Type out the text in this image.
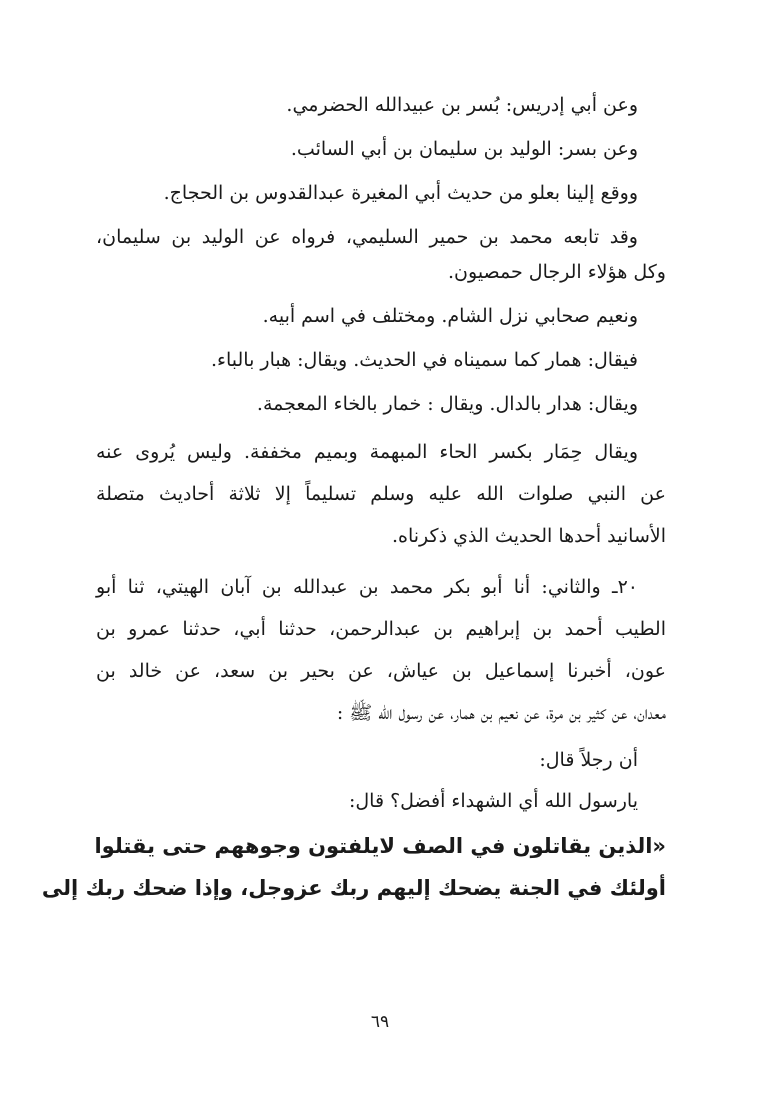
وعن أبي إدريس: بُسر بن عبيدالله الحضرمي.
وعن بسر: الوليد بن سليمان بن أبي السائب.
ووقع إلينا بعلو من حديث أبي المغيرة عبدالقدوس بن الحجاج.
وقد تابعه محمد بن حمير السليمي، فرواه عن الوليد بن سليمان،
وكل هؤلاء الرجال حمصيون.
ونعيم صحابي نزل الشام. ومختلف في اسم أبيه.
فيقال: همار كما سميناه في الحديث. ويقال: هبار بالباء.
ويقال: هدار بالدال. ويقال : خمار بالخاء المعجمة.
ويقال حِمَار بكسر الحاء المبهمة وبميم مخففة. وليس يُروى عنه
عن النبي صلوات الله عليه وسلم تسليماً إلا ثلاثة أحاديث متصلة
الأسانيد أحدها الحديث الذي ذكرناه.
٢٠ـ والثاني: أنا أبو بكر محمد بن عبدالله بن آبان الهيتي، ثنا أبو
الطيب أحمد بن إبراهيم بن عبدالرحمن، حدثنا أبي، حدثنا عمرو بن
عون، أخبرنا إسماعيل بن عياش، عن بحير بن سعد، عن خالد بن
معدان، عن كثير بن مرة، عن نعيم بن همار، عن رسول الله ﷺ :
أن رجلاً قال:
يارسول الله أي الشهداء أفضل؟ قال:
«الذين يقاتلون في الصف لايلفتون وجوههم حتى يقتلوا
أولئك في الجنة يضحك إليهم ربك عزوجل، وإذا ضحك ربك إلى
٦٩
